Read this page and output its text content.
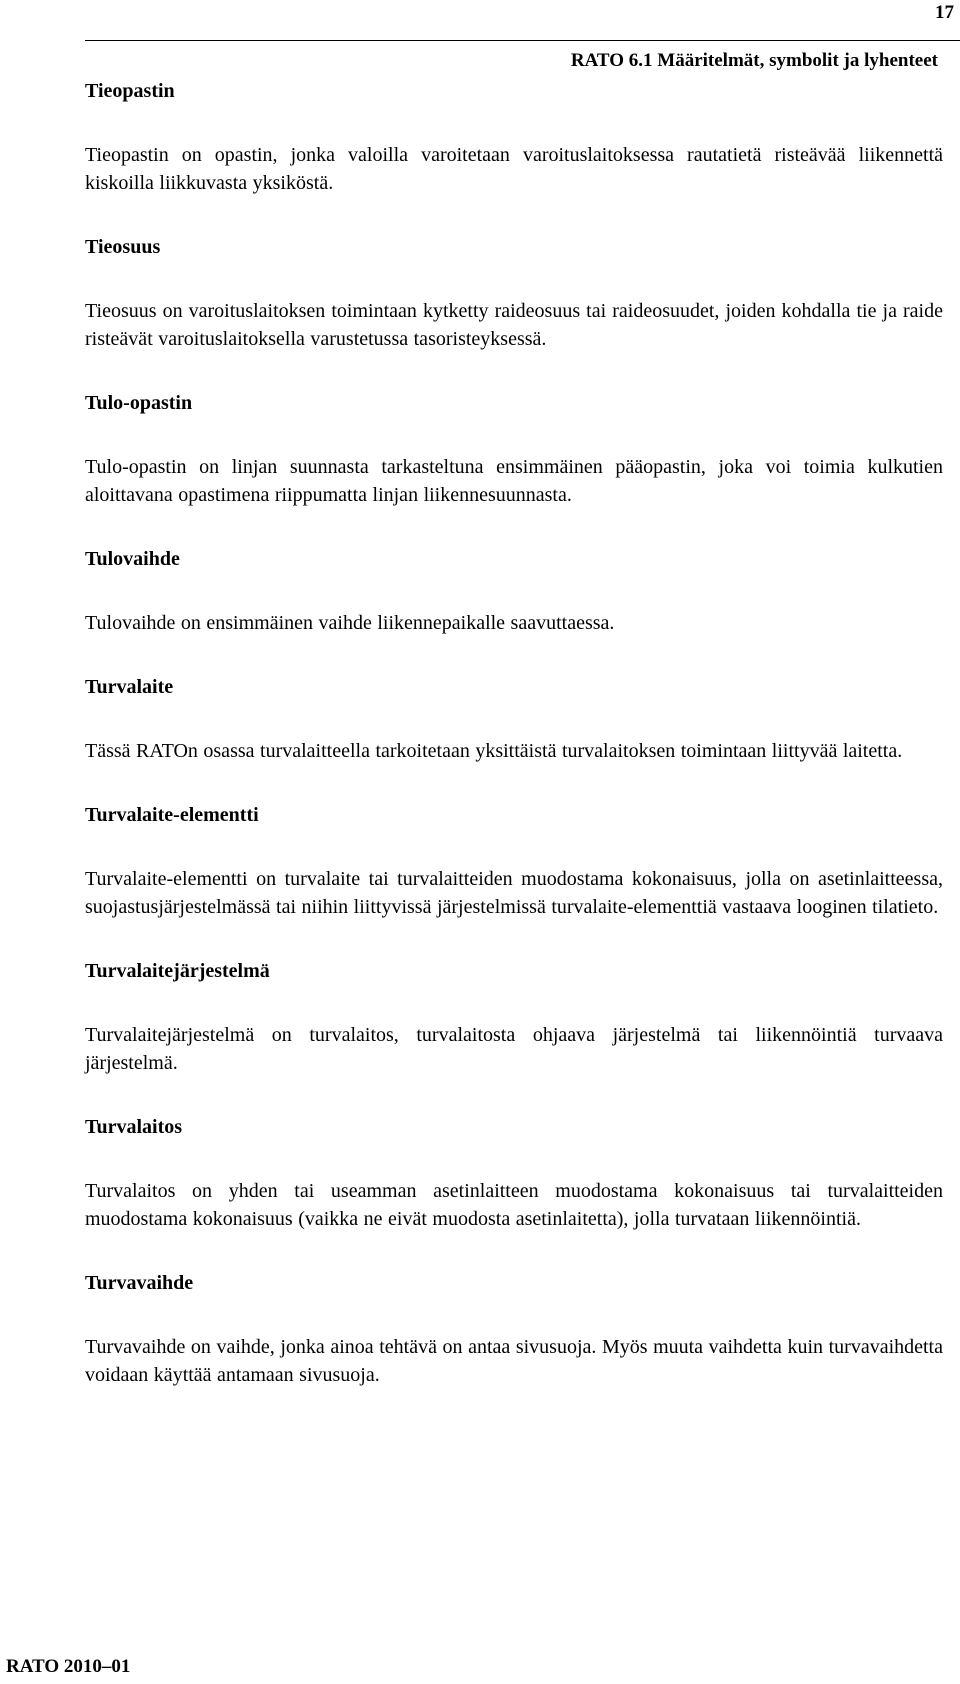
17
RATO 6.1 Määritelmät, symbolit ja lyhenteet
Tieopastin

Tieopastin on opastin, jonka valoilla varoitetaan varoituslaitoksessa rautatietä risteävää liikennettä kiskoilla liikkuvasta yksiköstä.

Tieosuus

Tieosuus on varoituslaitoksen toimintaan kytketty raideosuus tai raideosuudet, joiden kohdalla tie ja raide risteävät varoituslaitoksella varustetussa tasoristeyksessä.

Tulo-opastin

Tulo-opastin on linjan suunnasta tarkasteltuna ensimmäinen pääopastin, joka voi toimia kulkutien aloittavana opastimena riippumatta linjan liikennesuunnasta.

Tulovaihde

Tulovaihde on ensimmäinen vaihde liikennepaikalle saavuttaessa.

Turvalaite

Tässä RATOn osassa turvalaitteella tarkoitetaan yksittäistä turvalaitoksen toimintaan liittyvää laitetta.

Turvalaite-elementti

Turvalaite-elementti on turvalaite tai turvalaitteiden muodostama kokonaisuus, jolla on asetinlaitteessa, suojastusjärjestelmässä tai niihin liittyvissä järjestelmissä turvalaite-elementtiä vastaava looginen tilatieto.

Turvalaitejärjestelmä

Turvalaitejärjestelmä on turvalaitos, turvalaitosta ohjaava järjestelmä tai liikennöintiä turvaava järjestelmä.

Turvalaitos

Turvalaitos on yhden tai useamman asetinlaitteen muodostama kokonaisuus tai turvalaitteiden muodostama kokonaisuus (vaikka ne eivät muodosta asetinlaitetta), jolla turvataan liikennöintiä.

Turvavaihde

Turvavaihde on vaihde, jonka ainoa tehtävä on antaa sivusuoja. Myös muuta vaihdetta kuin turvavaihdetta voidaan käyttää antamaan sivusuoja.

RATO 2010–01
